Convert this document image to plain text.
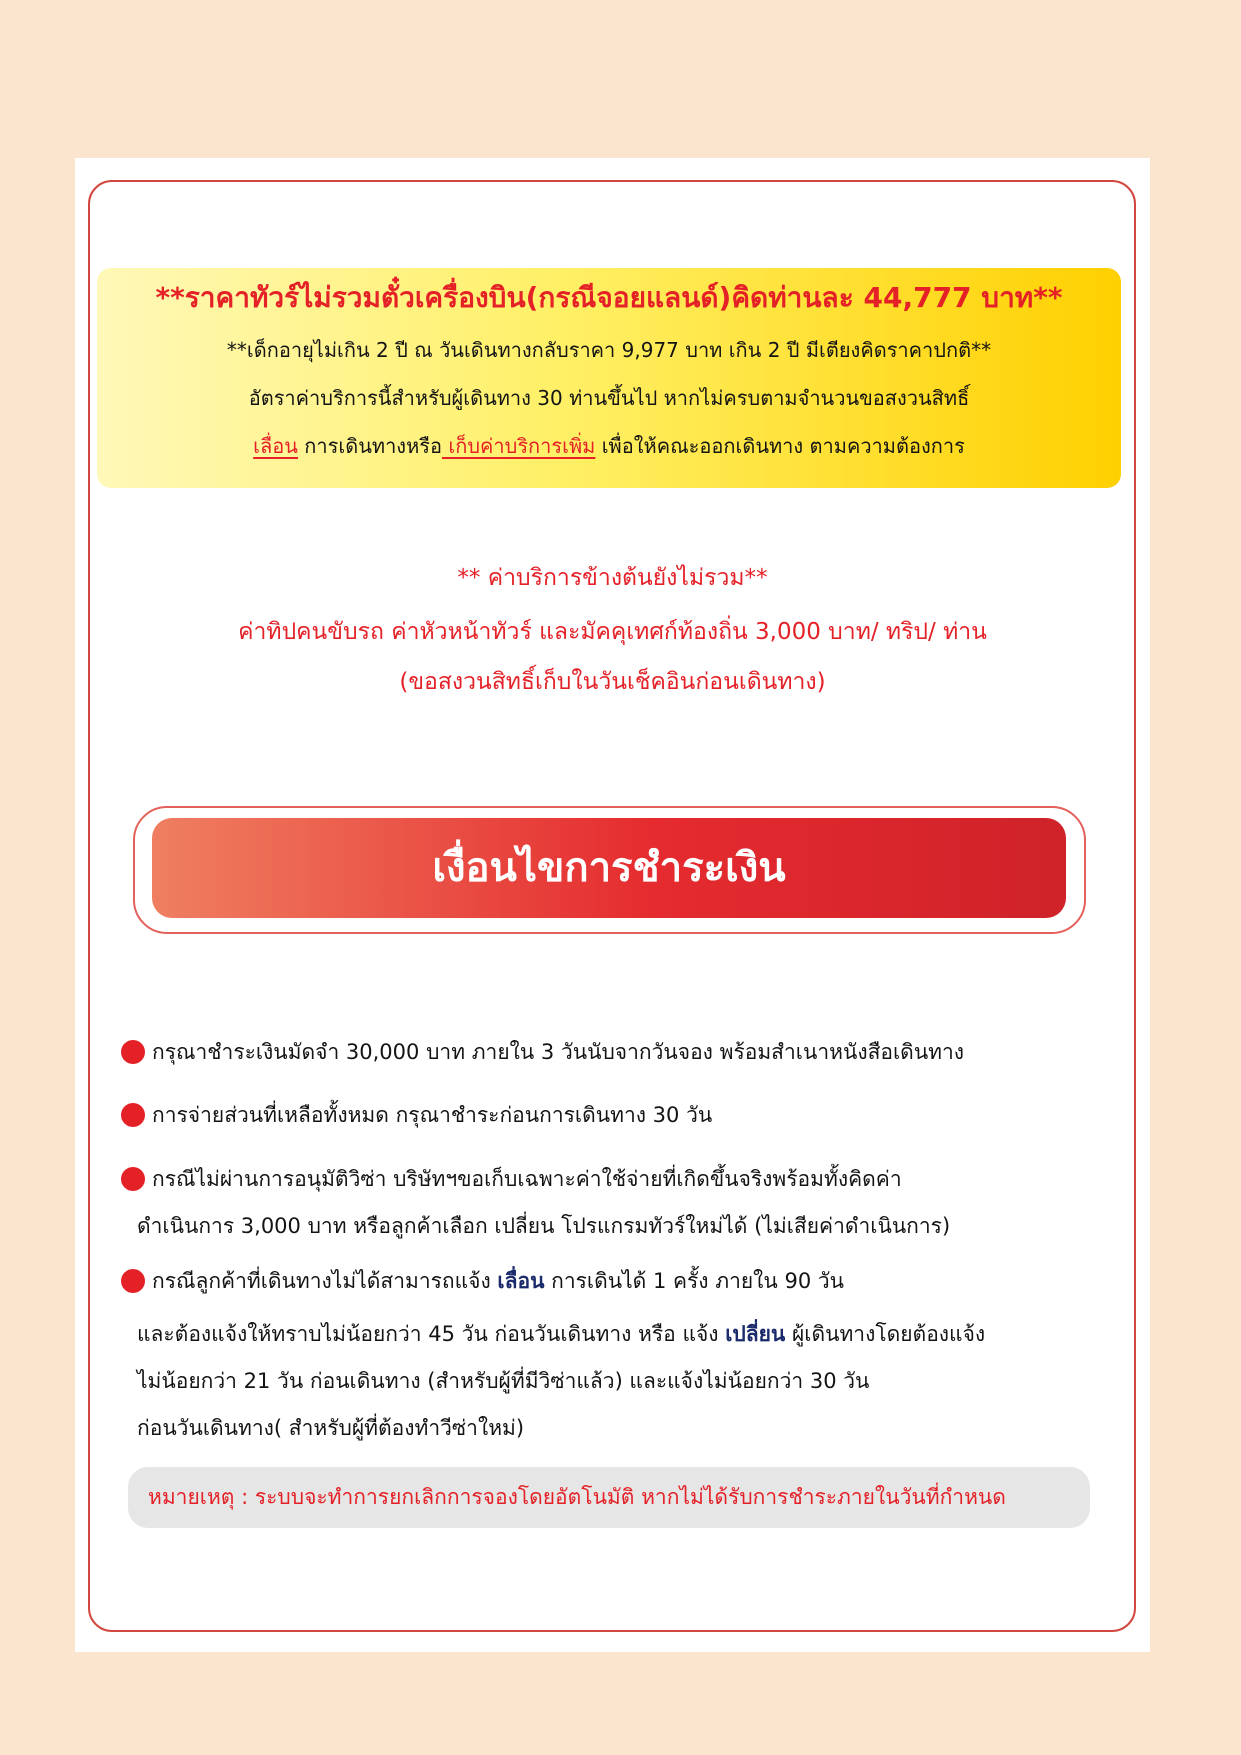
**ราคาทัวร์ไม่รวมตั๋วเครื่องบิน(กรณีจอยแลนด์)คิดท่านละ 44,777 บาท**
**เด็กอายุไม่เกิน 2 ปี ณ วันเดินทางกลับราคา 9,977 บาท เกิน 2 ปี มีเตียงคิดราคาปกติ**
อัตราค่าบริการนี้สำหรับผู้เดินทาง 30 ท่านขึ้นไป หากไม่ครบตามจำนวนขอสงวนสิทธิ์
เลื่อน การเดินทางหรือ เก็บค่าบริการเพิ่ม เพื่อให้คณะออกเดินทาง ตามความต้องการ
** ค่าบริการข้างต้นยังไม่รวม**
ค่าทิปคนขับรถ ค่าหัวหน้าทัวร์ และมัคคุเทศก์ท้องถิ่น 3,000 บาท/ ทริป/ ท่าน
(ขอสงวนสิทธิ์เก็บในวันเช็คอินก่อนเดินทาง)
เงื่อนไขการชำระเงิน
กรุณาชำระเงินมัดจำ 30,000 บาท ภายใน 3 วันนับจากวันจอง พร้อมสำเนาหนังสือเดินทาง
การจ่ายส่วนที่เหลือทั้งหมด กรุณาชำระก่อนการเดินทาง 30 วัน
กรณีไม่ผ่านการอนุมัติวิซ่า บริษัทฯขอเก็บเฉพาะค่าใช้จ่ายที่เกิดขึ้นจริงพร้อมทั้งคิดค่า
ดำเนินการ 3,000 บาท หรือลูกค้าเลือก เปลี่ยน โปรแกรมทัวร์ใหม่ได้ (ไม่เสียค่าดำเนินการ)
กรณีลูกค้าที่เดินทางไม่ได้สามารถแจ้ง เลื่อน การเดินได้ 1 ครั้ง ภายใน 90 วัน
และต้องแจ้งให้ทราบไม่น้อยกว่า 45 วัน ก่อนวันเดินทาง หรือ แจ้ง เปลี่ยน ผู้เดินทางโดยต้องแจ้ง
ไม่น้อยกว่า 21 วัน ก่อนเดินทาง (สำหรับผู้ที่มีวิซ่าแล้ว) และแจ้งไม่น้อยกว่า 30 วัน
ก่อนวันเดินทาง( สำหรับผู้ที่ต้องทำวีซ่าใหม่)
หมายเหตุ : ระบบจะทำการยกเลิกการจองโดยอัตโนมัติ หากไม่ได้รับการชำระภายในวันที่กำหนด
